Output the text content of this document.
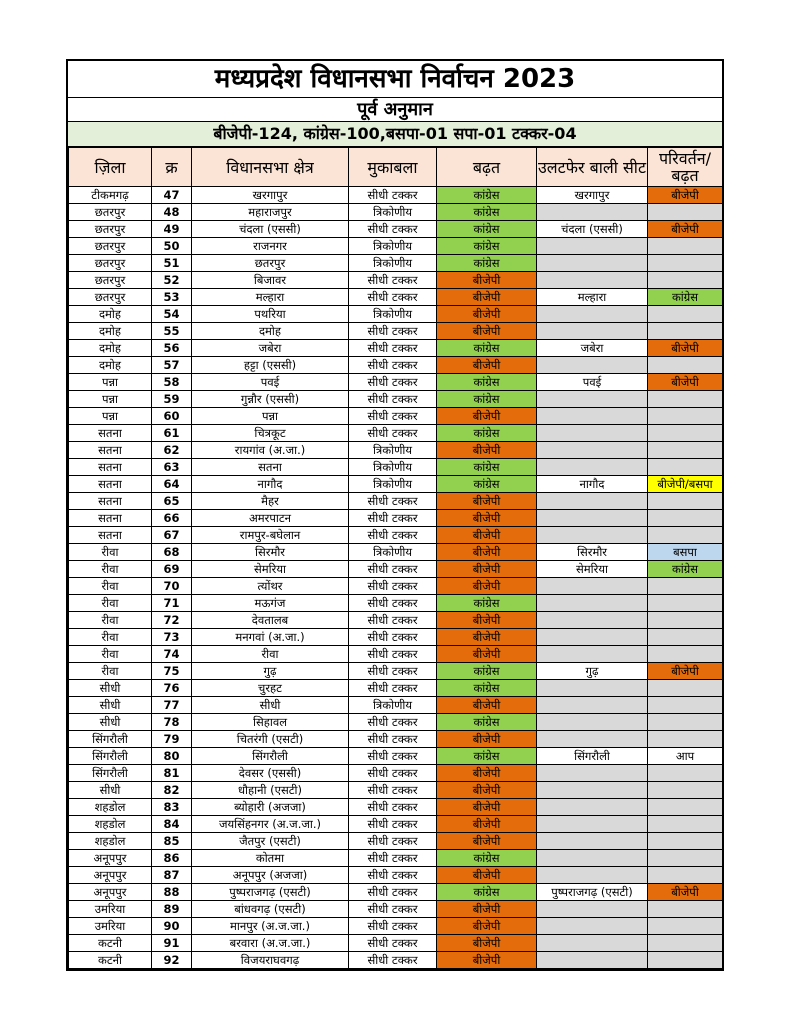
मध्यप्रदेश विधानसभा निर्वाचन 2023
पूर्व अनुमान
बीजेपी-124, कांग्रेस-100,बसपा-01 सपा-01 टक्कर-04
ज़िला	क्र	विधानसभा क्षेत्र	मुकाबला	बढ़त	उलटफेर बाली सीट	परिवर्तन/ बढ़त
टीकमगढ़	47	खरगापुर	सीधी टक्कर	कांग्रेस	खरगापुर	बीजेपी
छतरपुर	48	महाराजपुर	त्रिकोणीय	कांग्रेस		
छतरपुर	49	चंदला (एससी)	सीधी टक्कर	कांग्रेस	चंदला (एससी)	बीजेपी
छतरपुर	50	राजनगर	त्रिकोणीय	कांग्रेस		
छतरपुर	51	छतरपुर	त्रिकोणीय	कांग्रेस		
छतरपुर	52	बिजावर	सीधी टक्कर	बीजेपी		
छतरपुर	53	मल्हारा	सीधी टक्कर	बीजेपी	मल्हारा	कांग्रेस
दमोह	54	पथरिया	त्रिकोणीय	बीजेपी		
दमोह	55	दमोह	सीधी टक्कर	बीजेपी		
दमोह	56	जबेरा	सीधी टक्कर	कांग्रेस	जबेरा	बीजेपी
दमोह	57	हट्टा (एससी)	सीधी टक्कर	बीजेपी		
पन्ना	58	पवई	सीधी टक्कर	कांग्रेस	पवई	बीजेपी
पन्ना	59	गुन्नौर (एससी)	सीधी टक्कर	कांग्रेस		
पन्ना	60	पन्ना	सीधी टक्कर	बीजेपी		
सतना	61	चित्रकूट	सीधी टक्कर	कांग्रेस		
सतना	62	रायगांव (अ.जा.)	त्रिकोणीय	बीजेपी		
सतना	63	सतना	त्रिकोणीय	कांग्रेस		
सतना	64	नागौद	त्रिकोणीय	कांग्रेस	नागौद	बीजेपी/बसपा
सतना	65	मैहर	सीधी टक्कर	बीजेपी		
सतना	66	अमरपाटन	सीधी टक्कर	बीजेपी		
सतना	67	रामपुर-बघेलान	सीधी टक्कर	बीजेपी		
रीवा	68	सिरमौर	त्रिकोणीय	बीजेपी	सिरमौर	बसपा
रीवा	69	सेमरिया	सीधी टक्कर	बीजेपी	सेमरिया	कांग्रेस
रीवा	70	त्योंथर	सीधी टक्कर	बीजेपी		
रीवा	71	मऊगंज	सीधी टक्कर	कांग्रेस		
रीवा	72	देवतालब	सीधी टक्कर	बीजेपी		
रीवा	73	मनगवां (अ.जा.)	सीधी टक्कर	बीजेपी		
रीवा	74	रीवा	सीधी टक्कर	बीजेपी		
रीवा	75	गुढ़	सीधी टक्कर	कांग्रेस	गुढ़	बीजेपी
सीधी	76	चुरहट	सीधी टक्कर	कांग्रेस		
सीधी	77	सीधी	त्रिकोणीय	बीजेपी		
सीधी	78	सिहावल	सीधी टक्कर	कांग्रेस		
सिंगरौली	79	चितरंगी (एसटी)	सीधी टक्कर	बीजेपी		
सिंगरौली	80	सिंगरौली	सीधी टक्कर	कांग्रेस	सिंगरौली	आप
सिंगरौली	81	देवसर (एससी)	सीधी टक्कर	बीजेपी		
सीधी	82	धौहानी (एसटी)	सीधी टक्कर	बीजेपी		
शहडोल	83	ब्योहारी (अजजा)	सीधी टक्कर	बीजेपी		
शहडोल	84	जयसिंहनगर (अ.ज.जा.)	सीधी टक्कर	बीजेपी		
शहडोल	85	जैतपुर (एसटी)	सीधी टक्कर	बीजेपी		
अनूपपुर	86	कोतमा	सीधी टक्कर	कांग्रेस		
अनूपपुर	87	अनूपपुर (अजजा)	सीधी टक्कर	बीजेपी		
अनूपपुर	88	पुष्पराजगढ़ (एसटी)	सीधी टक्कर	कांग्रेस	पुष्पराजगढ़ (एसटी)	बीजेपी
उमरिया	89	बांधवगढ़ (एसटी)	सीधी टक्कर	बीजेपी		
उमरिया	90	मानपुर (अ.ज.जा.)	सीधी टक्कर	बीजेपी		
कटनी	91	बरवारा (अ.ज.जा.)	सीधी टक्कर	बीजेपी		
कटनी	92	विजयराघवगढ़	सीधी टक्कर	बीजेपी		
